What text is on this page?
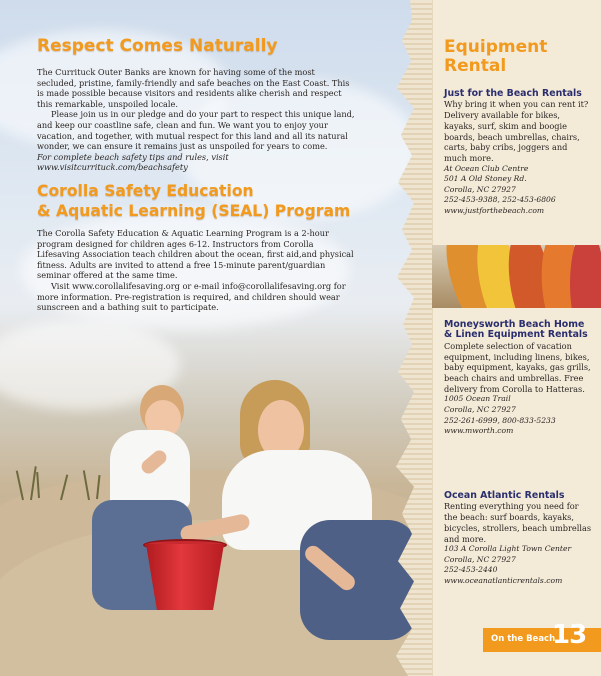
Respect Comes Naturally

The Currituck Outer Banks are known for having some of the most secluded, pristine, family-friendly and safe beaches on the East Coast. This is made possible because visitors and residents alike cherish and respect this remarkable, unspoiled locale.

Please join us in our pledge and do your part to respect this unique land, and keep our coastline safe, clean and fun. We want you to enjoy your vacation, and together, with mutual respect for this land and all its natural wonder, we can ensure it remains just as unspoiled for years to come.

For complete beach safety tips and rules, visit www.visitcurrituck.com/beachsafety

Corolla Safety Education
& Aquatic Learning (SEAL) Program

The Corolla Safety Education & Aquatic Learning Program is a 2-hour program designed for children ages 6-12. Instructors from Corolla Lifesaving Association teach children about the ocean, first aid,and physical fitness. Adults are invited to attend a free 15-minute parent/guardian seminar offered at the same time.

Visit www.corollalifesaving.org or e-mail info@corollalifesaving.org for more information. Pre-registration is required, and children should wear sunscreen and a bathing suit to participate.

Equipment
Rental
Just for the Beach Rentals
Why bring it when you can rent it? Delivery available for bikes, kayaks, surf, skim and boogie boards, beach umbrellas, chairs, carts, baby cribs, joggers and much more.
At Ocean Club Centre
501 A Old Stoney Rd.
Corolla, NC 27927
252-453-9388, 252-453-6806
www.justforthebeach.com
Moneysworth Beach Home & Linen Equipment Rentals
Complete selection of vacation equipment, including linens, bikes, baby equipment, kayaks, gas grills, beach chairs and umbrellas. Free delivery from Corolla to Hatteras.
1005 Ocean Trail
Corolla, NC 27927
252-261-6999, 800-833-5233
www.mworth.com
Ocean Atlantic Rentals
Renting everything you need for the beach: surf boards, kayaks, bicycles, strollers, beach umbrellas and more.
103 A Corolla Light Town Center
Corolla, NC 27927
252-453-2440
www.oceanatlanticrentals.com
On the Beach
13
